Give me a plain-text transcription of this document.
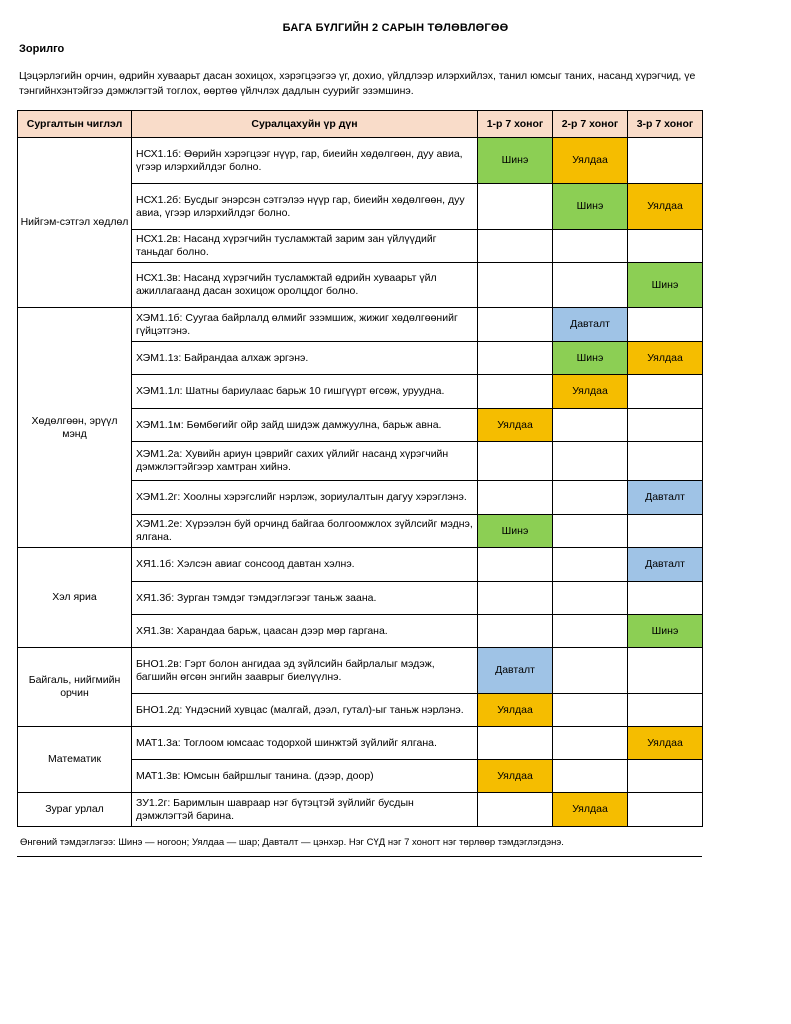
БАГА БҮЛГИЙН 2 САРЫН ТӨЛӨВЛӨГӨӨ
Зорилго
Цэцэрлэгийн орчин, өдрийн хуваарьт дасан зохицох, хэрэгцээгээ үг, дохио, үйлдлээр илэрхийлэх, танил юмсыг таних, насанд хүрэгчид, үе тэнгийнхэнтэйгээ дэмжлэгтэй тоглох, өөртөө үйлчлэх дадлын суурийг эзэмшинэ.
Сургалтын чиглэл	Суралцахуйн үр дүн	1-р 7 хоног	2-р 7 хоног	3-р 7 хоног
Нийгэм-сэтгэл хөдлөл	НСХ1.1б: Өөрийн хэрэгцээг нүүр, гар, биеийн хөдөлгөөн, дуу авиа, үгээр илэрхийлдэг болно.	Шинэ	Уялдаа	
	НСХ1.2б: Бусдыг энэрсэн сэтгэлээ нүүр гар, биеийн хөдөлгөөн, дуу авиа, үгээр илэрхийлдэг болно.		Шинэ	Уялдаа
	НСХ1.2в: Насанд хүрэгчийн тусламжтай зарим зан үйлүүдийг таньдаг болно.			
	НСХ1.3в: Насанд хүрэгчийн тусламжтай өдрийн хуваарьт үйл ажиллагаанд дасан зохицож оролцдог болно.			Шинэ
Хөдөлгөөн, эрүүл мэнд	ХЭМ1.1б: Суугаа байрлалд өлмийг эзэмшиж, жижиг хөдөлгөөнийг гүйцэтгэнэ.		Давталт	
	ХЭМ1.1з: Байрандаа алхаж эргэнэ.		Шинэ	Уялдаа
	ХЭМ1.1л: Шатны бариулаас барьж 10 гишгүүрт өгсөж, уруудна.		Уялдаа	
	ХЭМ1.1м: Бөмбөгийг ойр зайд шидэж дамжуулна, барьж авна.	Уялдаа		
	ХЭМ1.2а: Хувийн ариун цэврийг сахих үйлийг насанд хүрэгчийн дэмжлэгтэйгээр хамтран хийнэ.			
	ХЭМ1.2г: Хоолны хэрэгслийг нэрлэж, зориулалтын дагуу хэрэглэнэ.			Давталт
	ХЭМ1.2е: Хүрээлэн буй орчинд байгаа болгоомжлох зүйлсийг мэднэ, ялгана.	Шинэ		
Хэл яриа	ХЯ1.1б: Хэлсэн авиаг сонсоод давтан хэлнэ.			Давталт
	ХЯ1.3б: Зурган тэмдэг тэмдэглэгээг таньж заана.			
	ХЯ1.3в: Харандаа барьж, цаасан дээр мөр гаргана.			Шинэ
Байгаль, нийгмийн орчин	БНО1.2в: Гэрт болон ангидаа эд зүйлсийн байрлалыг мэдэж, багшийн өгсөн энгийн зааврыг биелүүлнэ.	Давталт		
	БНО1.2д: Үндэсний хувцас (малгай, дээл, гутал)-ыг таньж нэрлэнэ.	Уялдаа		
Математик	МАТ1.3а: Тоглоом юмсаас тодорхой шинжтэй зүйлийг ялгана.			Уялдаа
	МАТ1.3в: Юмсын байршлыг танина. (дээр, доор)	Уялдаа		
Зураг урлал	ЗУ1.2г: Баримлын шавраар нэг бүтэцтэй зүйлийг бусдын дэмжлэгтэй барина.		Уялдаа	
Өнгөний тэмдэглэгээ: Шинэ — ногоон; Уялдаа — шар; Давталт — цэнхэр. Нэг СҮД нэг 7 хоногт нэг төрлөөр тэмдэглэгдэнэ.
